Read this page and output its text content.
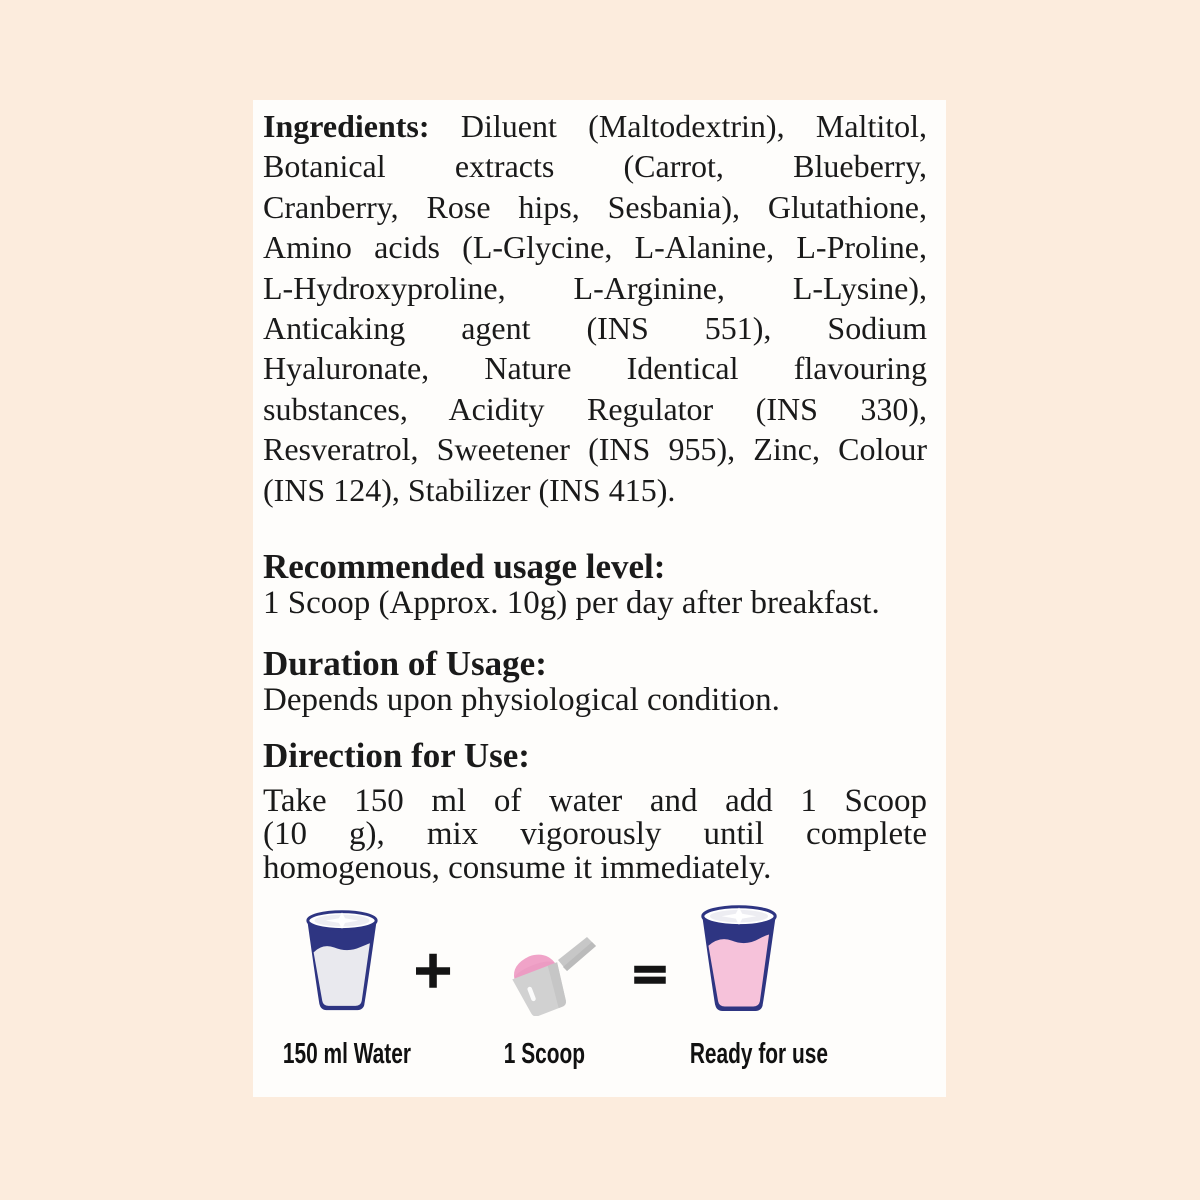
Ingredients: Diluent (Maltodextrin), Maltitol,
Botanical extracts (Carrot, Blueberry,
Cranberry, Rose hips, Sesbania), Glutathione,
Amino acids (L-Glycine, L-Alanine, L-Proline,
L-Hydroxyproline, L-Arginine, L-Lysine),
Anticaking agent (INS 551), Sodium
Hyaluronate, Nature Identical flavouring
substances, Acidity Regulator (INS 330),
Resveratrol, Sweetener (INS 955), Zinc, Colour
(INS 124), Stabilizer (INS 415).
Recommended usage level:
1 Scoop (Approx. 10g) per day after breakfast.
Duration of Usage:
Depends upon physiological condition.
Direction for Use:
Take 150 ml of water and add 1 Scoop
(10 g), mix vigorously until complete
homogenous, consume it immediately.
+	=
150 ml Water	1 Scoop	Ready for use
